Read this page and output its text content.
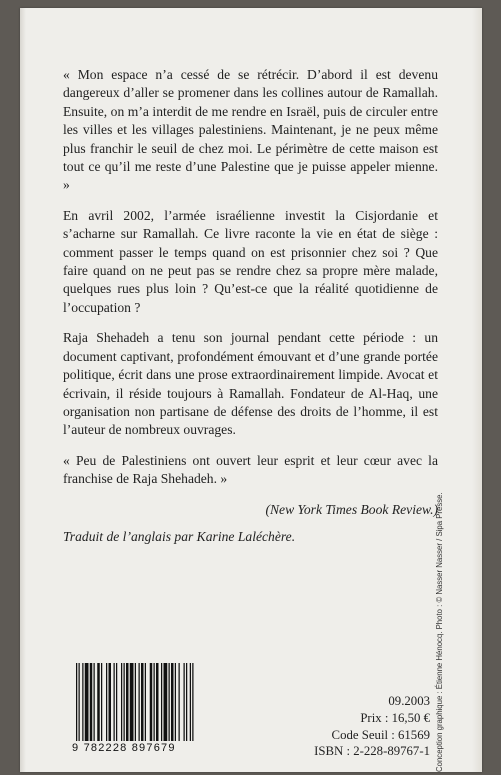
« Mon espace n’a cessé de se rétrécir. D’abord il est devenu dangereux d’aller se promener dans les collines autour de Ramallah. Ensuite, on m’a interdit de me rendre en Israël, puis de circuler entre les villes et les villages palestiniens. Maintenant, je ne peux même plus franchir le seuil de chez moi. Le périmètre de cette maison est tout ce qu’il me reste d’une Palestine que je puisse appeler mienne. »

En avril 2002, l’armée israélienne investit la Cisjordanie et s’acharne sur Ramallah. Ce livre raconte la vie en état de siège : comment passer le temps quand on est prisonnier chez soi ? Que faire quand on ne peut pas se rendre chez sa propre mère malade, quelques rues plus loin ? Qu’est-ce que la réalité quotidienne de l’occupation ?

Raja Shehadeh a tenu son journal pendant cette période : un document captivant, profondément émouvant et d’une grande portée politique, écrit dans une prose extraordinairement limpide. Avocat et écrivain, il réside toujours à Ramallah. Fondateur de Al-Haq, une organisation non partisane de défense des droits de l’homme, il est l’auteur de nombreux ouvrages.

« Peu de Palestiniens ont ouvert leur esprit et leur cœur avec la franchise de Raja Shehadeh. »

(New York Times Book Review.)

Traduit de l’anglais par Karine Laléchère.
9 782228 897679
09.2003
Prix : 16,50 €
Code Seuil : 61569
ISBN : 2-228-89767-1 Conception graphique : Étienne Hénocq. Photo : © Nasser Nasser / Sipa Presse.
